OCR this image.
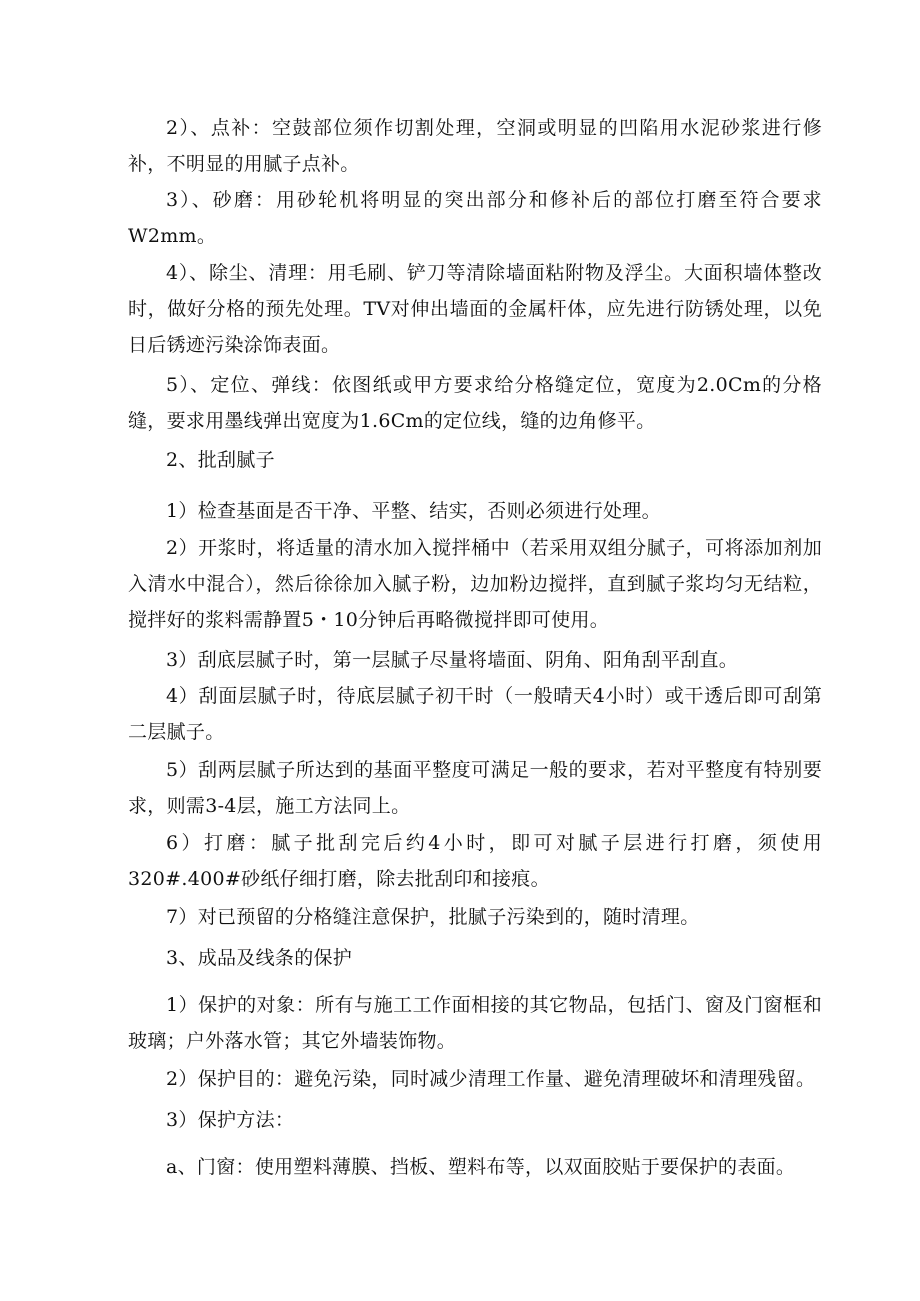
2）、点补：空鼓部位须作切割处理，空洞或明显的凹陷用水泥砂浆进行修补，不明显的用腻子点补。

3）、砂磨：用砂轮机将明显的突出部分和修补后的部位打磨至符合要求W2mm。

4）、除尘、清理：用毛刷、铲刀等清除墙面粘附物及浮尘。大面积墙体整改时，做好分格的预先处理。TV对伸出墙面的金属杆体，应先进行防锈处理，以免日后锈迹污染涂饰表面。

5）、定位、弹线：依图纸或甲方要求给分格缝定位，宽度为2.0Cm的分格缝，要求用墨线弹出宽度为1.6Cm的定位线，缝的边角修平。

2、批刮腻子

1）检查基面是否干净、平整、结实，否则必须进行处理。

2）开浆时，将适量的清水加入搅拌桶中（若采用双组分腻子，可将添加剂加入清水中混合），然后徐徐加入腻子粉，边加粉边搅拌，直到腻子浆均匀无结粒，搅拌好的浆料需静置5・10分钟后再略微搅拌即可使用。

3）刮底层腻子时，第一层腻子尽量将墙面、阴角、阳角刮平刮直。

4）刮面层腻子时，待底层腻子初干时（一般晴天4小时）或干透后即可刮第二层腻子。

5）刮两层腻子所达到的基面平整度可满足一般的要求，若对平整度有特别要求，则需3-4层，施工方法同上。

6）打磨：腻子批刮完后约4小时，即可对腻子层进行打磨，须使用320#.400#砂纸仔细打磨，除去批刮印和接痕。

7）对已预留的分格缝注意保护，批腻子污染到的，随时清理。

3、成品及线条的保护

1）保护的对象：所有与施工工作面相接的其它物品，包括门、窗及门窗框和玻璃；户外落水管；其它外墙装饰物。

2）保护目的：避免污染，同时减少清理工作量、避免清理破坏和清理残留。

3）保护方法：

a、门窗：使用塑料薄膜、挡板、塑料布等，以双面胶贴于要保护的表面。
